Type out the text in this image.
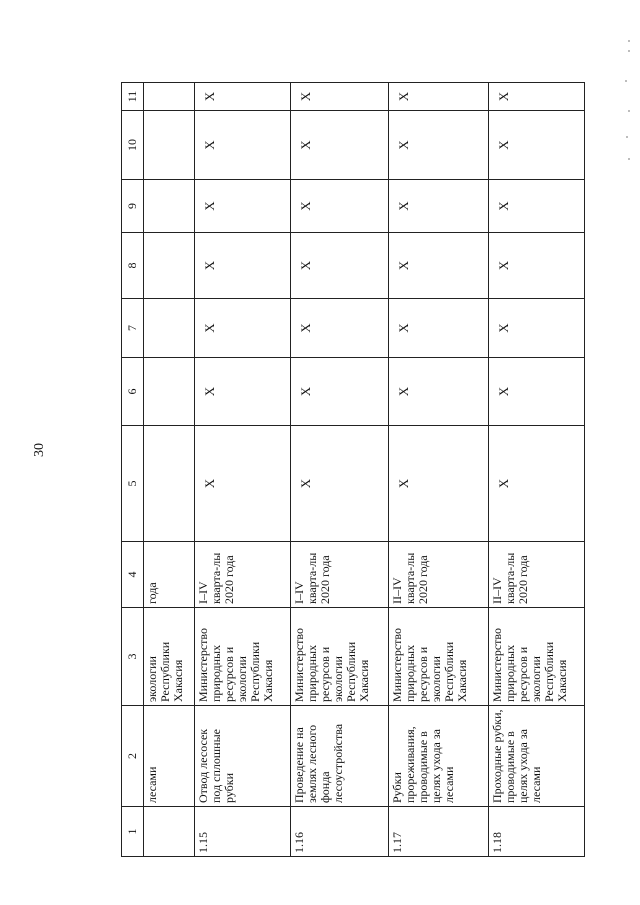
30
1	2	3	4	5	6	7	8	9	10	11
	лесами	экологии Республики Хакасия	года							
1.15	Отвод лесосек под сплошные рубки	Министерство природных ресурсов и экологии Республики Хакасия	I–IV кварта-лы 2020 года	X	X	X	X	X	X	X
1.16	Проведение на землях лесного фонда лесоустройства	Министерство природных ресурсов и экологии Республики Хакасия	I–IV кварта-лы 2020 года	X	X	X	X	X	X	X
1.17	Рубки прореживания, проводимые в целях ухода за лесами	Министерство природных ресурсов и экологии Республики Хакасия	II–IV кварта-лы 2020 года	X	X	X	X	X	X	X
1.18	Проходные рубки, проводимые в целях ухода за лесами	Министерство природных ресурсов и экологии Республики Хакасия	II–IV кварта-лы 2020 года	X	X	X	X	X	X	X
